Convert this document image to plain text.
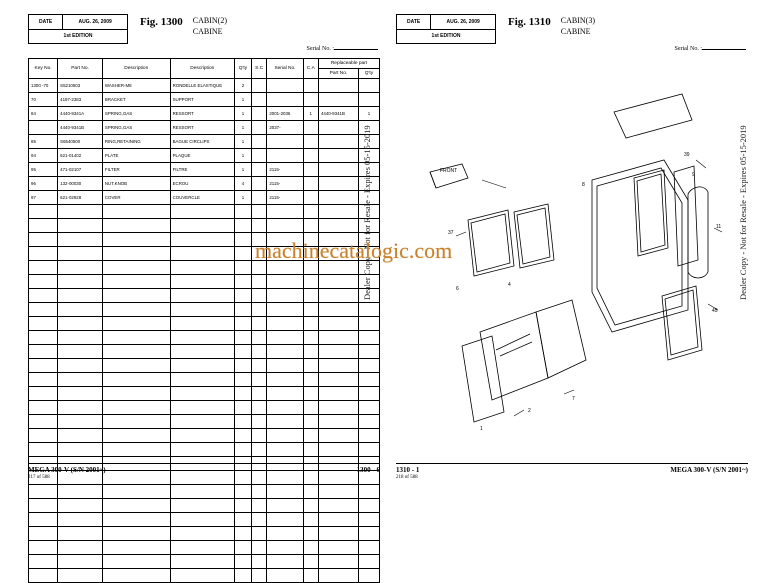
DATE	AUG. 26, 2009
1st EDITION
Fig. 1300 CABIN(2)
CABINE
Serial No. :
Key No.	Part No.	Description	Description	Q'ty	S.C	Serial No.	C.A	Replaceable part	
								Part No.	Q'ty
1300 -70	S5210503	WASHER-M8	RONDELLE ELASTIQUE	2					
70	4197-2383	BRACKET	SUPPORT	1					
84	4440-9341A	SPRING,GAS	RESSORT	1		2001-2036	1	4440-9341B	1
	4440-9341B	SPRING,GAS	RESSORT	1		2037-			
85	S6540500	RING,RETAINING	BAGUE CIRCLIPS	1					
94	621-01402	PLATE	PLAQUE	1					
95	471-02107	FILTER	FILTRE	1		2115-			
96	132-00030	NUT,KNOB	ECROU	4		2115-			
97	621-02928	COVER	COUVERCLE	1		2115-			

MEGA 300-V (S/N 2001~)
217 of 588
1300 - 6
DATE	AUG. 26, 2009
1st EDITION
Fig. 1310 CABIN(3)
CABINE
Serial No. :
1310 - 1
218 of 588
MEGA 300-V (S/N 2001~)
FRONT
37
39
9
11
45
8
7
2
1
4
6
Dealer Copy - Not for Resale - Expires 05-15-2019	Dealer Copy - Not for Resale - Expires 05-15-2019
machinecatalogic.com
